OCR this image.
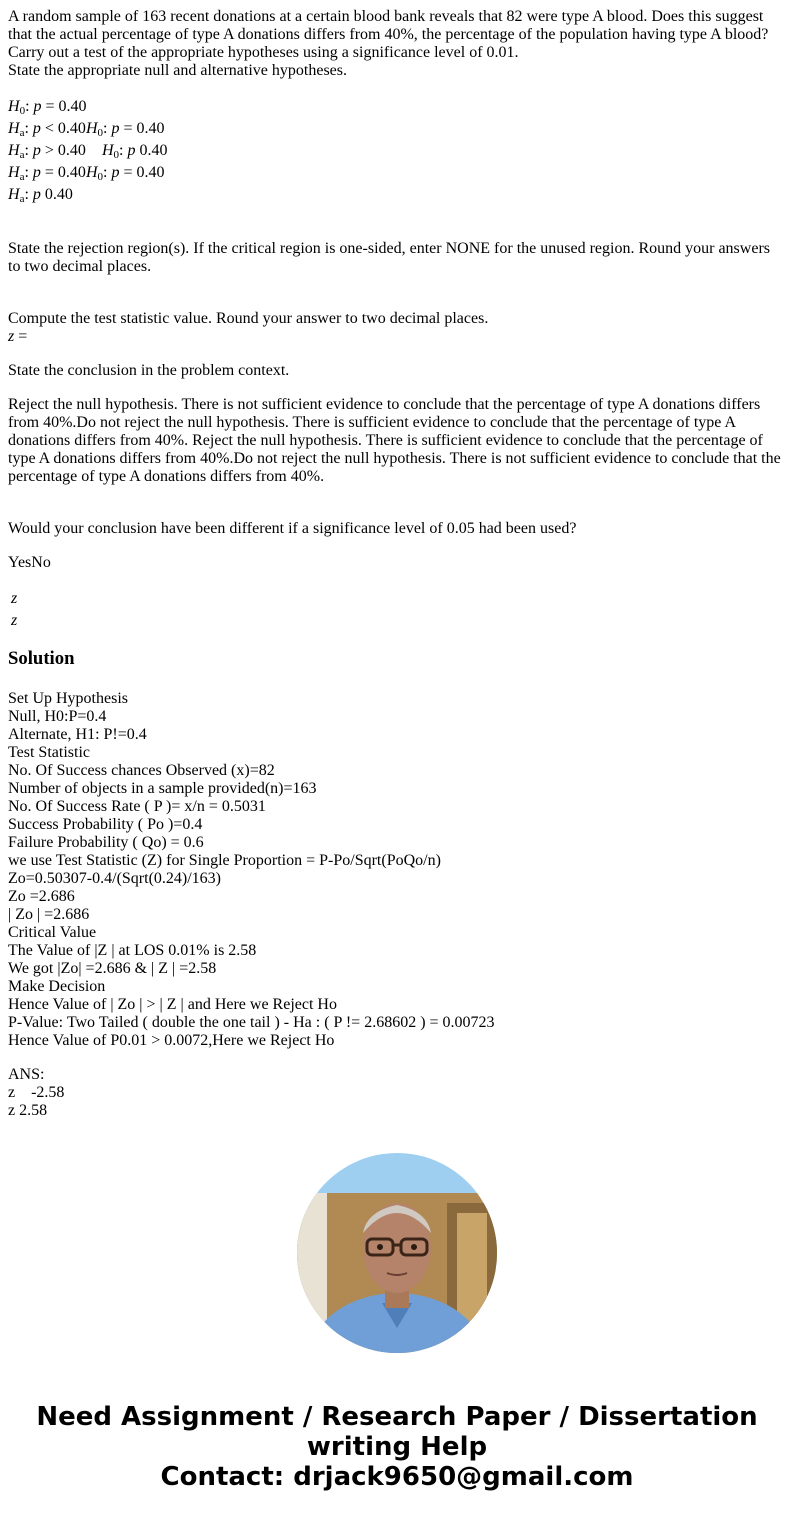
A random sample of 163 recent donations at a certain blood bank reveals that 82 were type A blood. Does this suggest that the actual percentage of type A donations differs from 40%, the percentage of the population having type A blood? Carry out a test of the appropriate hypotheses using a significance level of 0.01.
State the appropriate null and alternative hypotheses.
$H_0$: p = 0.40
$H_a$: $p < 0.40H_0$: p = 0.40
$H_a$: p > 0.40    $H_0$: p 0.40
$H_a$: $p = 0.40H_0$: p = 0.40
$H_a$: p 0.40

State the rejection region(s). If the critical region is one-sided, enter NONE for the unused region. Round your answers to two decimal places.

Compute the test statistic value. Round your answer to two decimal places.
z =

State the conclusion in the problem context.

Reject the null hypothesis. There is not sufficient evidence to conclude that the percentage of type A donations differs from 40%.Do not reject the null hypothesis. There is sufficient evidence to conclude that the percentage of type A donations differs from 40%. Reject the null hypothesis. There is sufficient evidence to conclude that the percentage of type A donations differs from 40%.Do not reject the null hypothesis. There is not sufficient evidence to conclude that the percentage of type A donations differs from 40%.

Would your conclusion have been different if a significance level of 0.05 had been used?

YesNo

z
z
Solution
Set Up Hypothesis
Null, H0:P=0.4
Alternate, H1: P!=0.4
Test Statistic
No. Of Success chances Observed (x)=82
Number of objects in a sample provided(n)=163
No. Of Success Rate ( P )= x/n = 0.5031
Success Probability ( Po )=0.4
Failure Probability ( Qo) = 0.6
we use Test Statistic (Z) for Single Proportion = P-Po/Sqrt(PoQo/n)
Zo=0.50307-0.4/(Sqrt(0.24)/163)
Zo =2.686
| Zo | =2.686
Critical Value
The Value of |Z | at LOS 0.01% is 2.58
We got |Zo| =2.686 & | Z | =2.58
Make Decision
Hence Value of | Zo | > | Z | and Here we Reject Ho
P-Value: Two Tailed ( double the one tail ) - Ha : ( P != 2.68602 ) = 0.00723
Hence Value of P0.01 > 0.0072,Here we Reject Ho
ANS:
z    -2.58
z 2.58
Need Assignment / Research Paper / Dissertation
writing Help
Contact: drjack9650@gmail.com
